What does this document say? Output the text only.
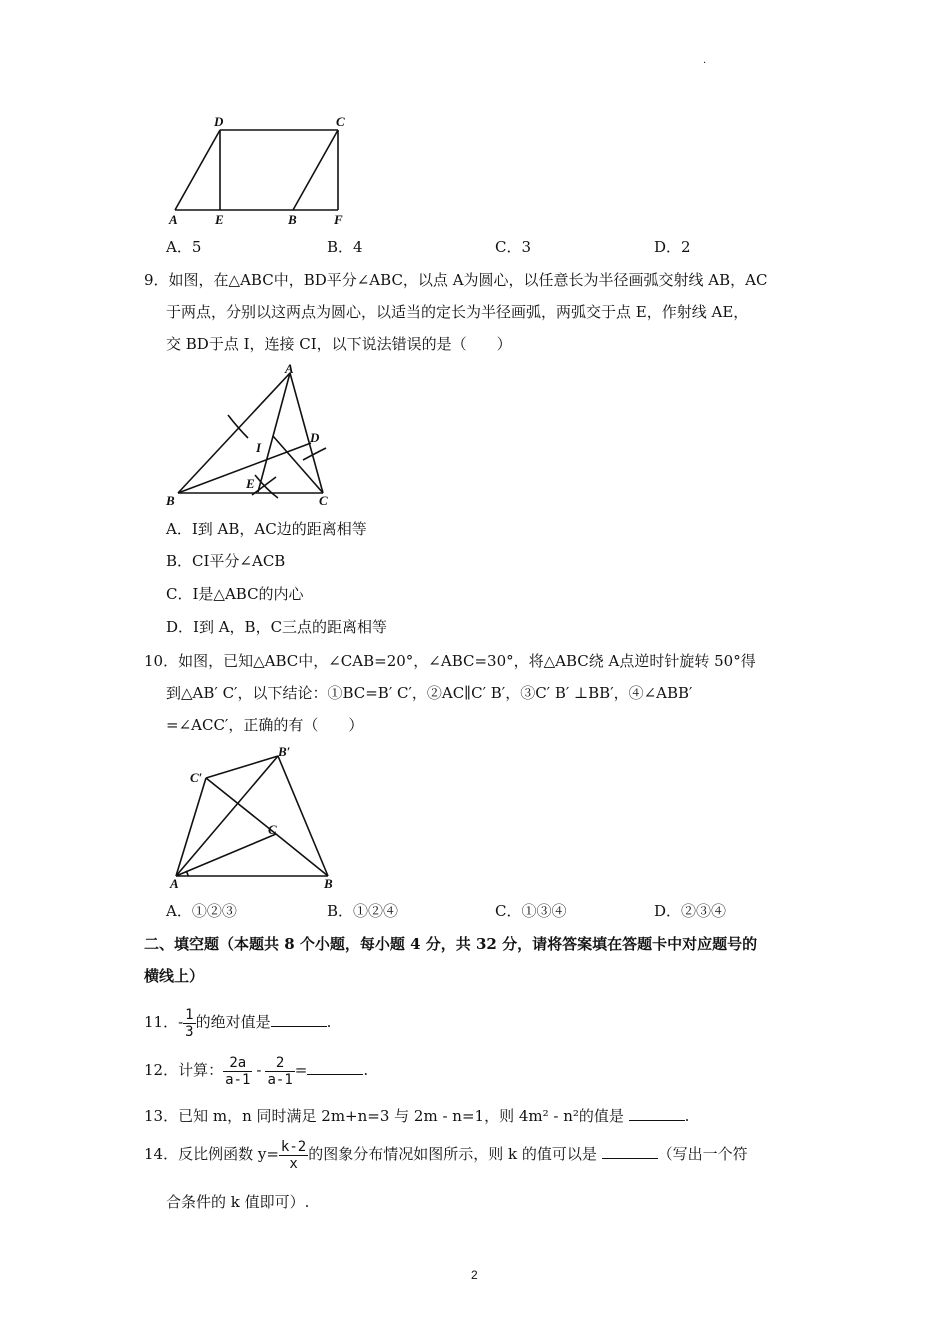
·
A	E	B	F
D	C
A．5	B．4	C．3	D．2
9．如图，在△ABC中，BD平分∠ABC，以点 A为圆心，以任意长为半径画弧交射线 AB，AC
于两点，分别以这两点为圆心，以适当的定长为半径画弧，两弧交于点 E，作射线 AE，
交 BD于点 I，连接 CI，以下说法错误的是（　　）
A
B	C
D
I
E
A．I到 AB，AC边的距离相等
B．CI平分∠ACB
C．I是△ABC的内心
D．I到 A，B，C三点的距离相等
10．如图，已知△ABC中，∠CAB=20°，∠ABC=30°，将△ABC绕 A点逆时针旋转 50°得
到△AB′ C′，以下结论：①BC=B′ C′，②AC∥C′ B′，③C′ B′ ⊥BB′，④∠ABB′
=∠ACC′，正确的有（　　）
A	B
C
B′
C′
A．①②③	B．①②④	C．①③④	D．②③④
二、填空题（本题共 8 个小题，每小题 4 分，共 32 分，请将答案填在答题卡中对应题号的
横线上）
11．- $\frac{1}{3}$ 的绝对值是	.
12．计算： $\frac{2a}{a-1} - \frac{2}{a-1}$ =	.
13．已知 m，n 同时满足 2m+n=3 与 2m - n=1，则 4m² - n²的值是	.
14．反比例函数 $y= \frac{k-2}{x}$ 的图象分布情况如图所示，则 k 的值可以是	（写出一个符
合条件的 k 值即可）.
2
